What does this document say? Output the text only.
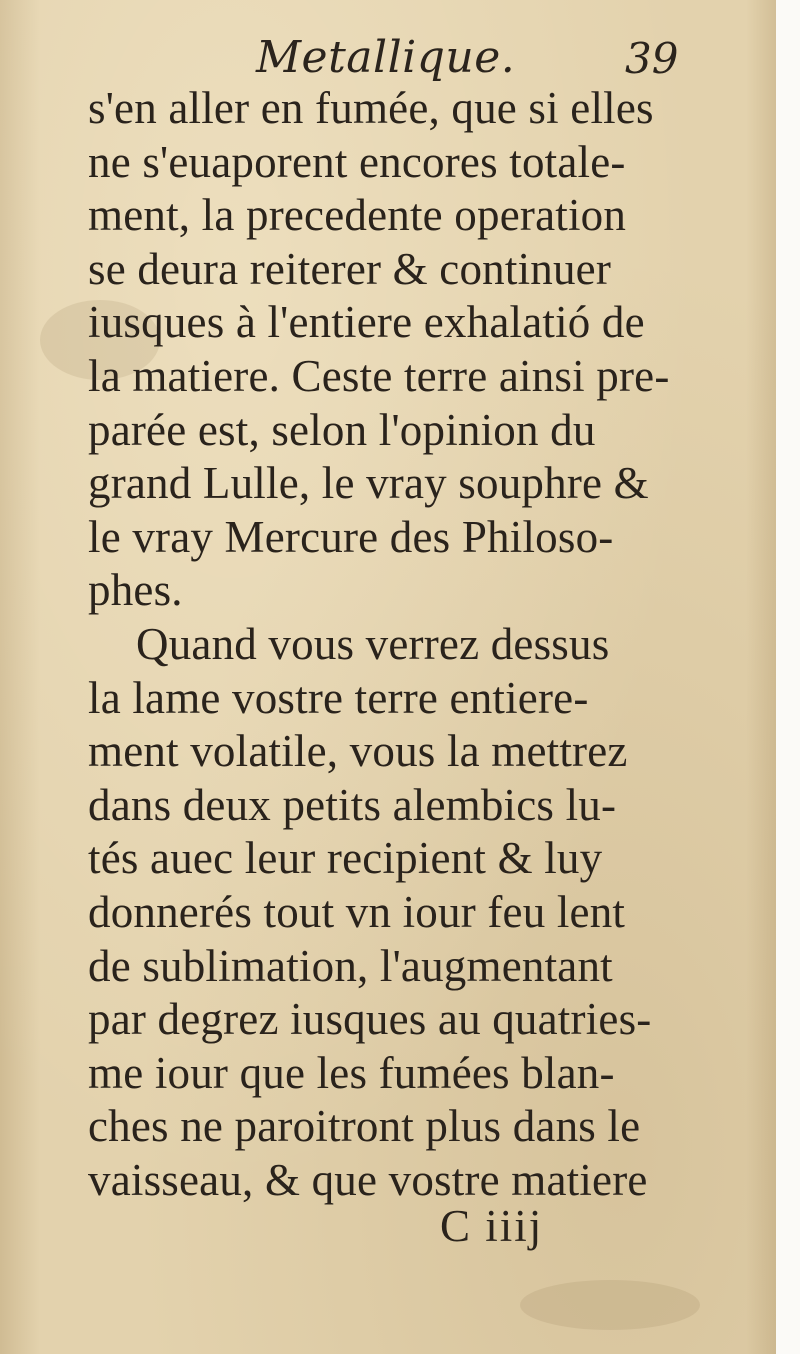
Metallique.	39
s'en aller en fumée, que si elles
ne s'euaporent encores totale-
ment, la precedente operation
se deura reiterer & continuer
iusques à l'entiere exhalatió de
la matiere. Ceste terre ainsi pre-
parée est, selon l'opinion du
grand Lulle, le vray souphre &
le vray Mercure des Philoso-
phes.
Quand vous verrez dessus
la lame vostre terre entiere-
ment volatile, vous la mettrez
dans deux petits alembics lu-
tés auec leur recipient & luy
donnerés tout vn iour feu lent
de sublimation, l'augmentant
par degrez iusques au quatries-
me iour que les fumées blan-
ches ne paroitront plus dans le
vaisseau, & que vostre matiere
C iiij
